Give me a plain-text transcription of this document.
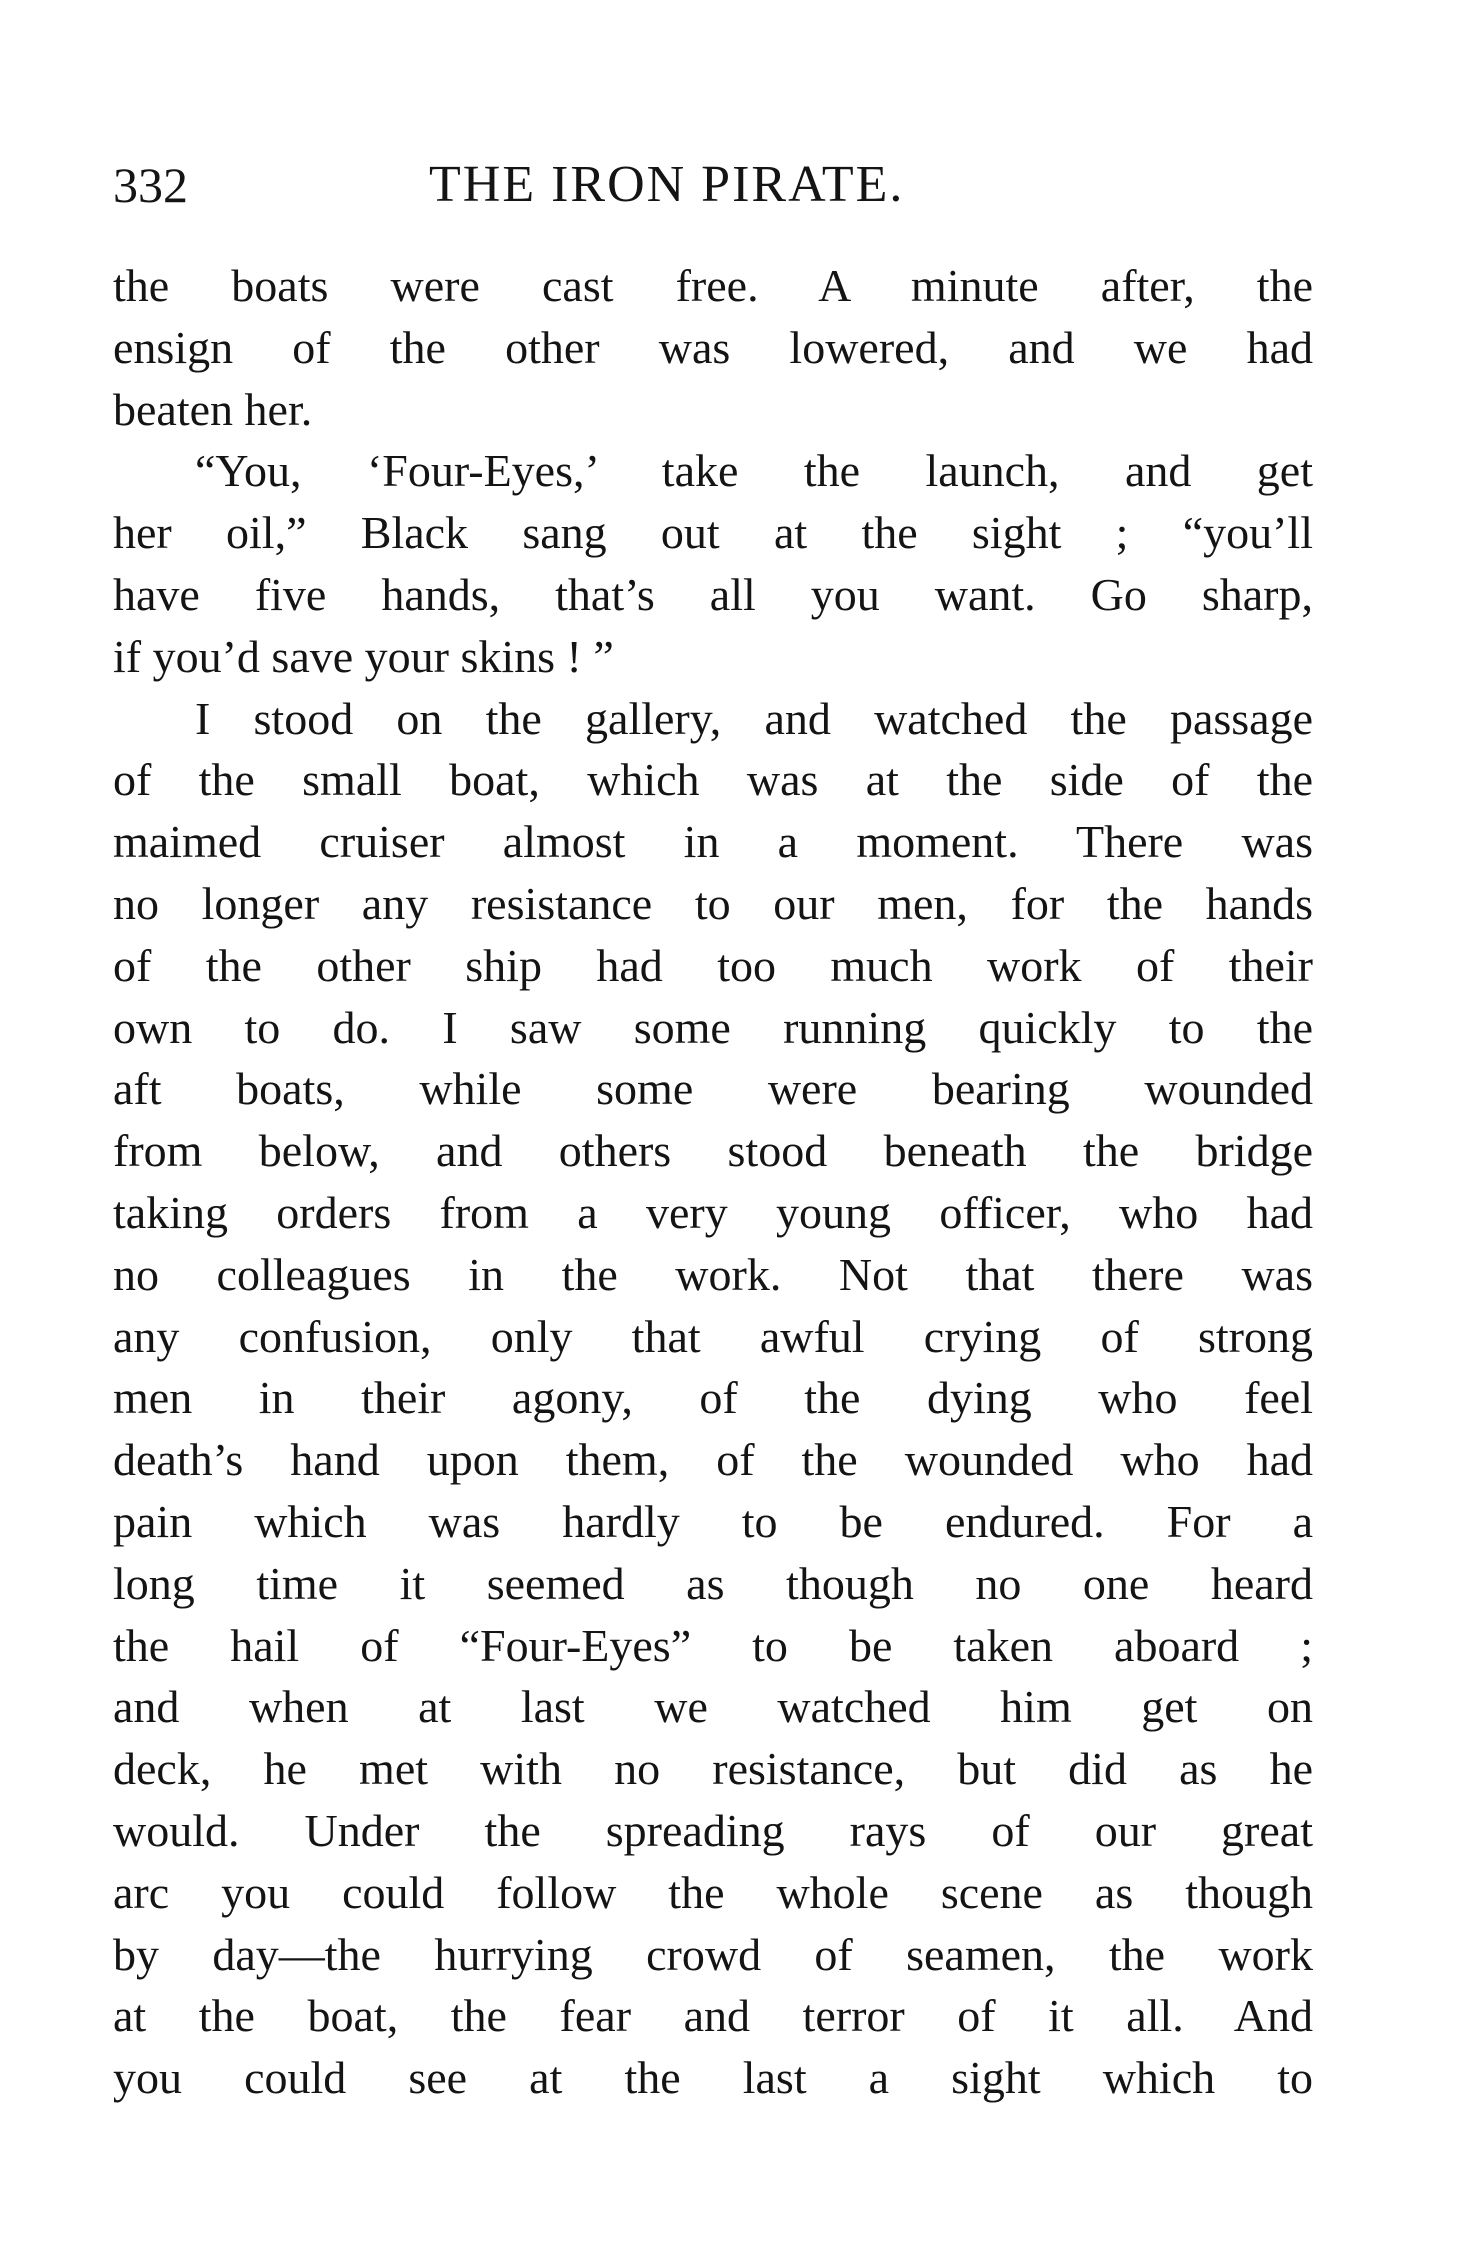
332	THE IRON PIRATE.
the boats were cast free. A minute after, the
ensign of the other was lowered, and we had
beaten her.
“You, ‘Four-Eyes,’ take the launch, and get
her oil,” Black sang out at the sight ; “you’ll
have five hands, that’s all you want. Go sharp,
if you’d save your skins ! ”
I stood on the gallery, and watched the passage
of the small boat, which was at the side of the
maimed cruiser almost in a moment. There was
no longer any resistance to our men, for the hands
of the other ship had too much work of their
own to do. I saw some running quickly to the
aft boats, while some were bearing wounded
from below, and others stood beneath the bridge
taking orders from a very young officer, who had
no colleagues in the work. Not that there was
any confusion, only that awful crying of strong
men in their agony, of the dying who feel
death’s hand upon them, of the wounded who had
pain which was hardly to be endured. For a
long time it seemed as though no one heard
the hail of “Four-Eyes” to be taken aboard ;
and when at last we watched him get on
deck, he met with no resistance, but did as he
would. Under the spreading rays of our great
arc you could follow the whole scene as though
by day—the hurrying crowd of seamen, the work
at the boat, the fear and terror of it all. And
you could see at the last a sight which to
